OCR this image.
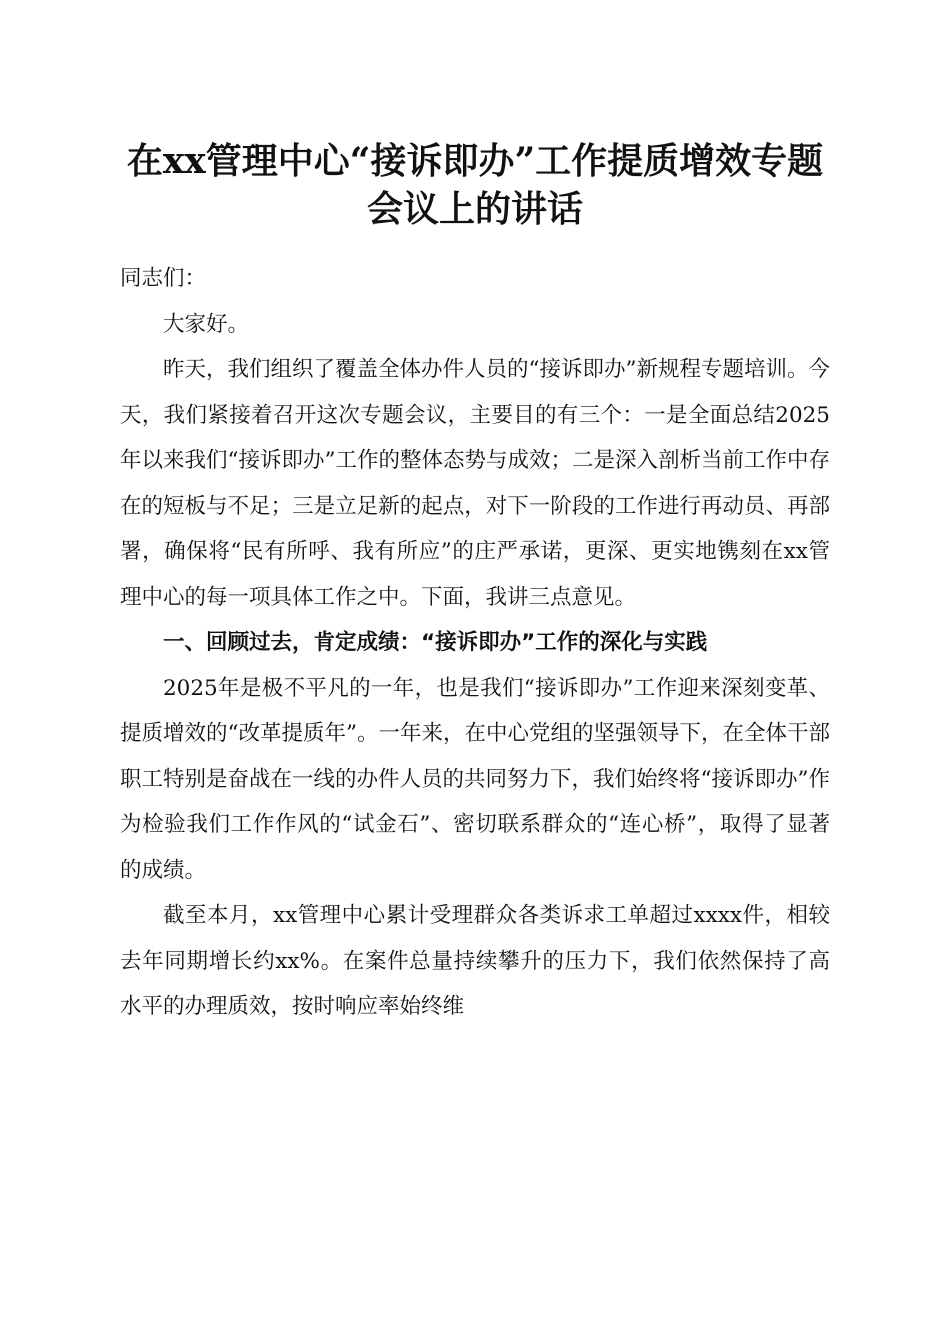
在xx管理中心“接诉即办”工作提质增效专题会议上的讲话

同志们：

大家好。

昨天，我们组织了覆盖全体办件人员的“接诉即办”新规程专题培训。今天，我们紧接着召开这次专题会议，主要目的有三个：一是全面总结2025年以来我们“接诉即办”工作的整体态势与成效；二是深入剖析当前工作中存在的短板与不足；三是立足新的起点，对下一阶段的工作进行再动员、再部署，确保将“民有所呼、我有所应”的庄严承诺，更深、更实地镌刻在xx管理中心的每一项具体工作之中。下面，我讲三点意见。

一、回顾过去，肯定成绩：“接诉即办”工作的深化与实践

2025年是极不平凡的一年，也是我们“接诉即办”工作迎来深刻变革、提质增效的“改革提质年”。一年来，在中心党组的坚强领导下，在全体干部职工特别是奋战在一线的办件人员的共同努力下，我们始终将“接诉即办”作为检验我们工作作风的“试金石”、密切联系群众的“连心桥”，取得了显著的成绩。

截至本月，xx管理中心累计受理群众各类诉求工单超过xxxx件，相较去年同期增长约xx%。在案件总量持续攀升的压力下，我们依然保持了高水平的办理质效，按时响应率始终维
